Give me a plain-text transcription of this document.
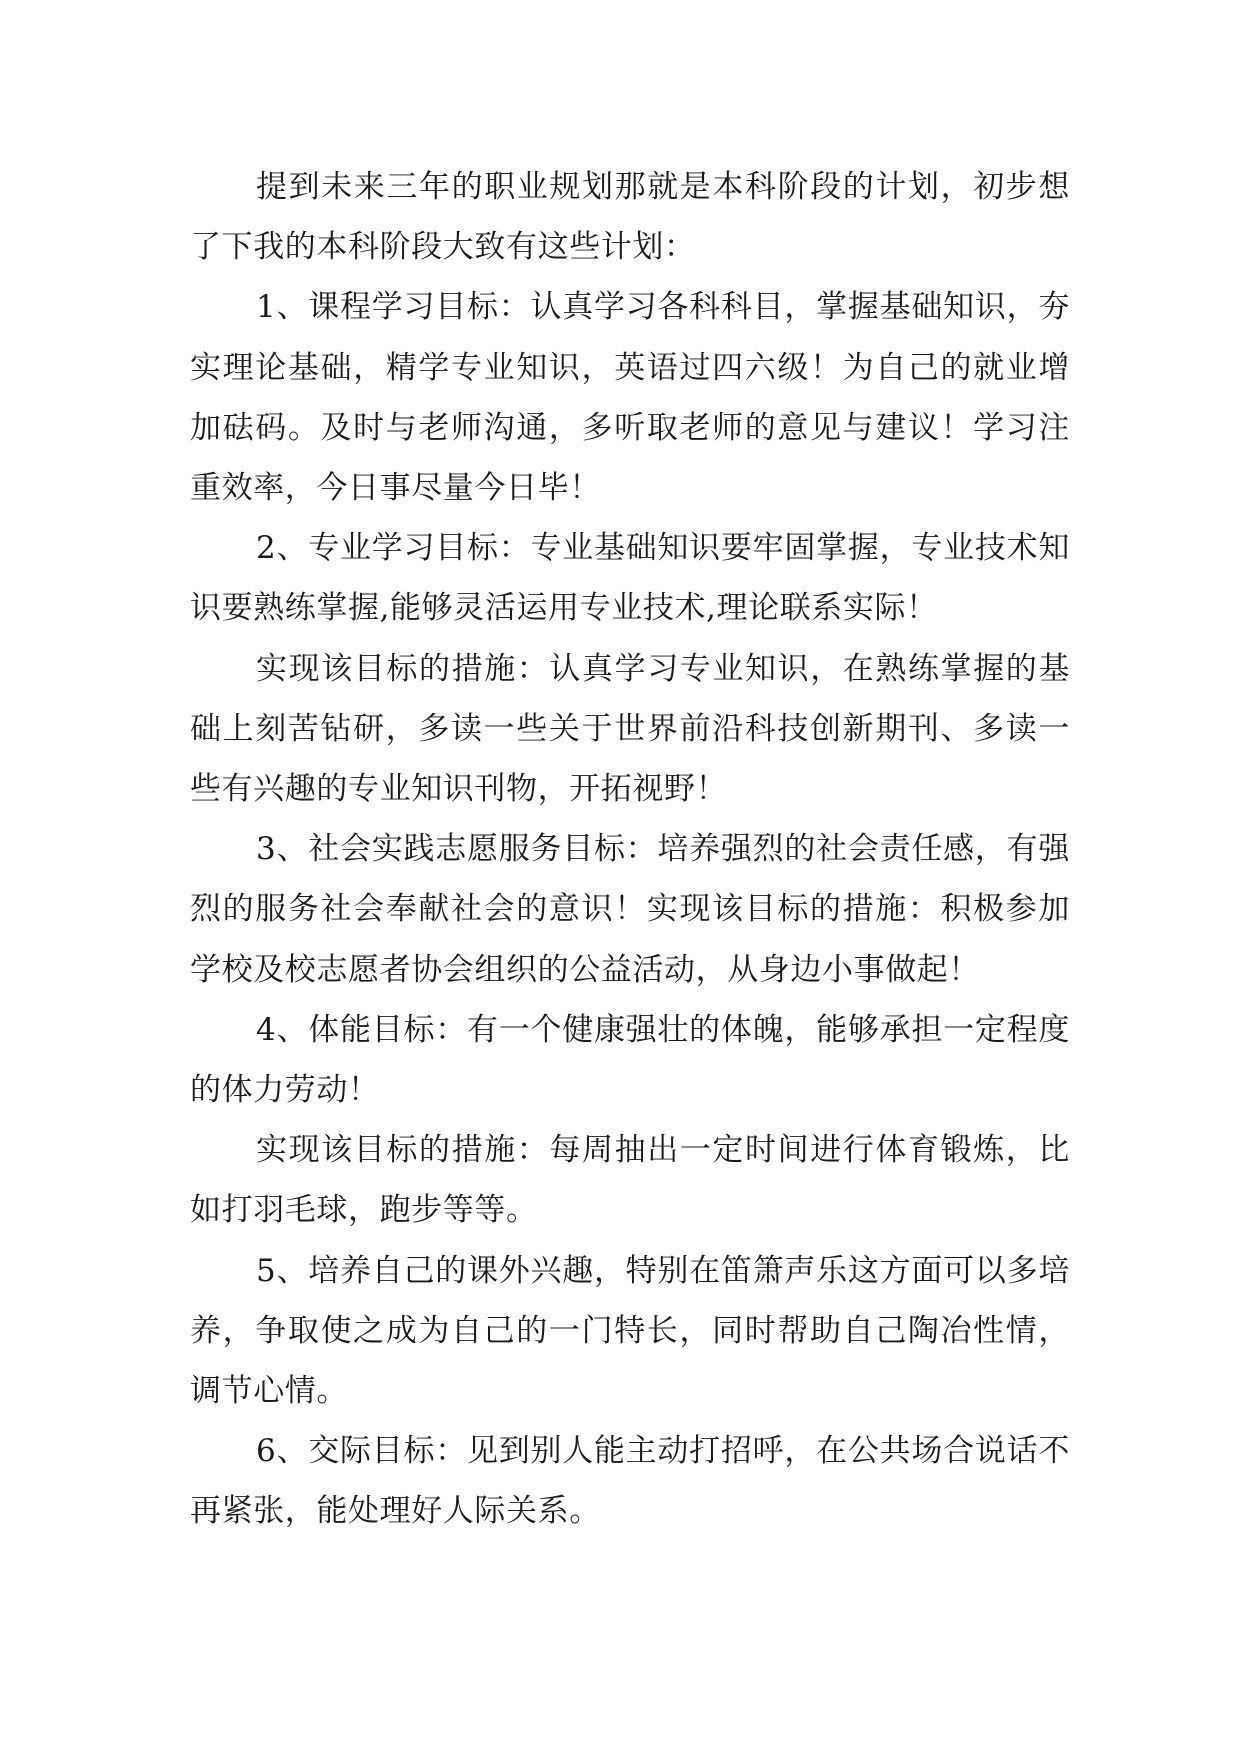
提到未来三年的职业规划那就是本科阶段的计划，初步想了下我的本科阶段大致有这些计划：

1、课程学习目标：认真学习各科科目，掌握基础知识，夯实理论基础，精学专业知识，英语过四六级！为自己的就业增加砝码。及时与老师沟通，多听取老师的意见与建议！学习注重效率，今日事尽量今日毕！

2、专业学习目标：专业基础知识要牢固掌握，专业技术知识要熟练掌握,能够灵活运用专业技术,理论联系实际！

实现该目标的措施：认真学习专业知识，在熟练掌握的基础上刻苦钻研，多读一些关于世界前沿科技创新期刊、多读一些有兴趣的专业知识刊物，开拓视野！

3、社会实践志愿服务目标：培养强烈的社会责任感，有强烈的服务社会奉献社会的意识！实现该目标的措施：积极参加学校及校志愿者协会组织的公益活动，从身边小事做起！

4、体能目标：有一个健康强壮的体魄，能够承担一定程度的体力劳动！

实现该目标的措施：每周抽出一定时间进行体育锻炼，比如打羽毛球，跑步等等。

5、培养自己的课外兴趣，特别在笛箫声乐这方面可以多培养，争取使之成为自己的一门特长，同时帮助自己陶冶性情，调节心情。

6、交际目标：见到别人能主动打招呼，在公共场合说话不再紧张，能处理好人际关系。
